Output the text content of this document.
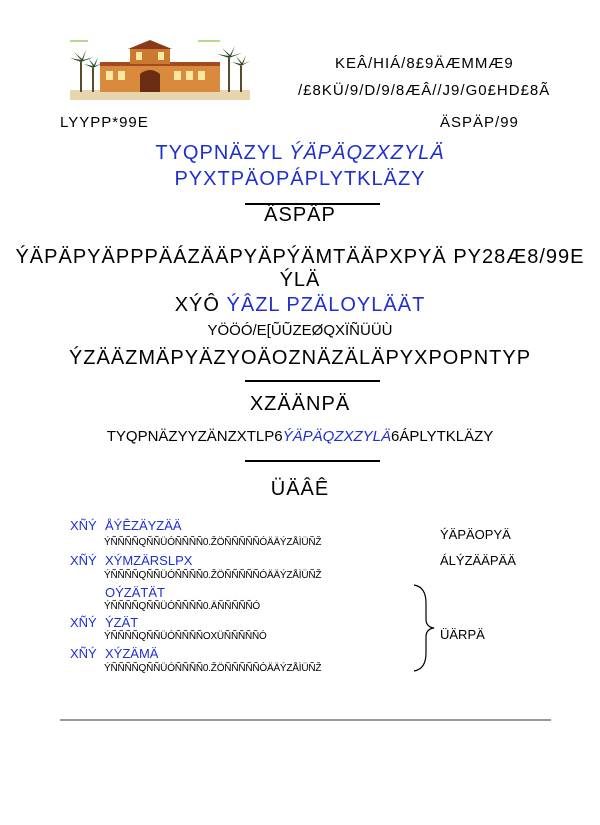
KEÂ/HIÁ/8£9ÄÆMMÆ9
/£8KÜ/9/D/9/8ÆÂ//J9/G0£HD£8Ã
LYYPP*99E	ÄSPÄP/99
TYQPNÄZYL ÝÄPÄQZXZYLÄ
PYXTPÄOPÁPLYTKLÄZY
ÄSPÄP
ÝÄPÄPYÄPPPÄÁZÄÄPYÄPÝÄMTÄÄPXPYÄ PY28Æ8/99E
ÝLÄ
XÝÔ ÝÂZL PZÄLOYLÄÄT
YÖÖÓ/E[ŨŨZEØQXÏÑÜÜÙ
ÝZÄÄZMÄPYÄZYOÄOZNÄZÄLÄPYXPOPNTYP
XZÄÄNPÄ
TYQPNÄZYYZÄNZXTLP6ÝÄPÄQZXZYLÄ6ÁPLYTKLÄZY
ÜÄÂÊ
XÑÝ ÅÝÊZÄYZÄÄ
ÝÑÑÑÑQÑÑÜÓÑÑÑÑ0.ŽÖÑÑÑÑÑÓÄÄÝZÅÌÜÑŽ
XÑÝ XÝMZÄRSLPX
ÝÑÑÑÑQÑÑÜÓÑÑÑÑ0.ŽÖÑÑÑÑÑÓÄÄÝZÅÌÜÑŽ
OÝZÄTÄT
ÝÑÑÑÑQÑÑÜÓÑÑÑÑ0.ÄÑÑÑÑÑÓ
XÑÝ ÝZÄT
ÝÑÑÑÑQÑÑÜÓÑÑÑÑOXÜÑÑÑÑÑÓ
XÑÝ XÝZÄMÄ
ÝÑÑÑÑQÑÑÜÓÑÑÑÑ0.ŽÖÑÑÑÑÑÓÄÄÝZÅÌÜÑŽ
ÝÄPÄOPYÄ
ÁLÝZÄÄPÄÄ
ÜÄRPÄ
